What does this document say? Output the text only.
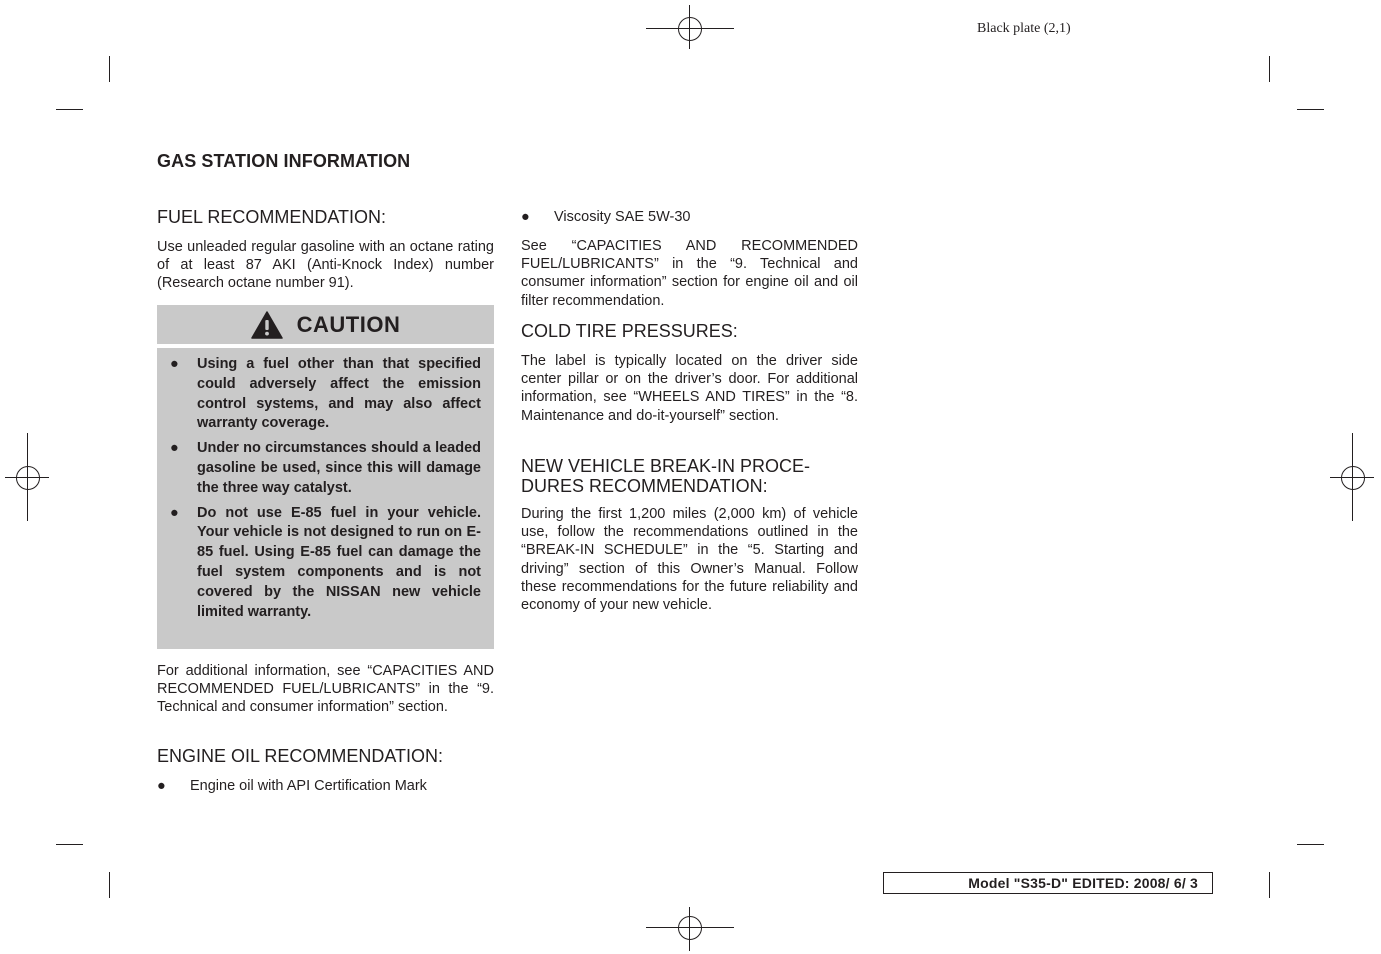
Black plate (2,1)
GAS STATION INFORMATION
FUEL RECOMMENDATION:
Use unleaded regular gasoline with an octane rating of at least 87 AKI (Anti-Knock Index) number (Research octane number 91).
CAUTION
● Using a fuel other than that specified could adversely affect the emission control systems, and may also affect warranty coverage.
● Under no circumstances should a leaded gasoline be used, since this will damage the three way catalyst.
● Do not use E-85 fuel in your vehicle. Your vehicle is not designed to run on E-85 fuel. Using E-85 fuel can damage the fuel system components and is not covered by the NISSAN new vehicle limited warranty.
For additional information, see “CAPACITIES AND RECOMMENDED FUEL/LUBRICANTS” in the “9. Technical and consumer information” section.
ENGINE OIL RECOMMENDATION:
● Engine oil with API Certification Mark
● Viscosity SAE 5W-30
See “CAPACITIES AND RECOMMENDED FUEL/LUBRICANTS” in the “9. Technical and consumer information” section for engine oil and oil filter recommendation.
COLD TIRE PRESSURES:
The label is typically located on the driver side center pillar or on the driver’s door. For additional information, see “WHEELS AND TIRES” in the “8. Maintenance and do-it-yourself” section.
NEW VEHICLE BREAK-IN PROCE-
DURES RECOMMENDATION:
During the first 1,200 miles (2,000 km) of vehicle use, follow the recommendations outlined in the “BREAK-IN SCHEDULE” in the “5. Starting and driving” section of this Owner’s Manual. Follow these recommendations for the future reliability and economy of your new vehicle.
Model "S35-D" EDITED: 2008/ 6/ 3
